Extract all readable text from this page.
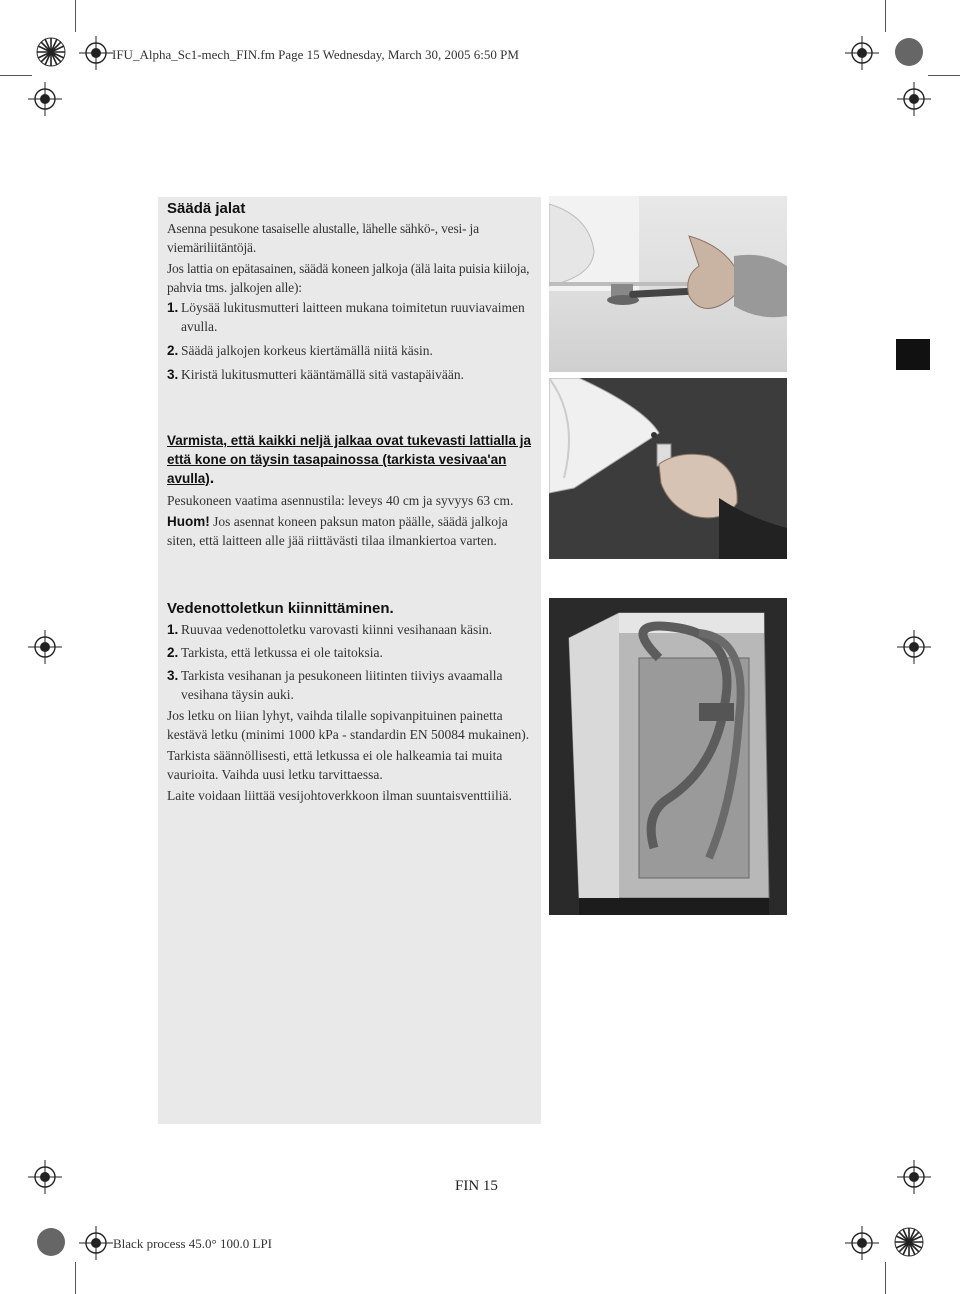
IFU_Alpha_Sc1-mech_FIN.fm Page 15 Wednesday, March 30, 2005 6:50 PM
Black process 45.0° 100.0 LPI
FIN 15
Säädä jalat
Asenna pesukone tasaiselle alustalle, lähelle sähkö-, vesi- ja viemäriliitäntöjä.
Jos lattia on epätasainen, säädä koneen jalkoja (älä laita puisia kiiloja, pahvia tms. jalkojen alle):
1. Löysää lukitusmutteri laitteen mukana toimitetun ruuviavaimen avulla.
2. Säädä jalkojen korkeus kiertämällä niitä käsin.
3. Kiristä lukitusmutteri kääntämällä sitä vastapäivään.
Varmista, että kaikki neljä jalkaa ovat tukevasti lattialla ja että kone on täysin tasapainossa (tarkista vesivaa'an avulla).
Pesukoneen vaatima asennustila: leveys 40 cm ja syvyys 63 cm.
Huom! Jos asennat koneen paksun maton päälle, säädä jalkoja siten, että laitteen alle jää riittävästi tilaa ilmankiertoa varten.
Vedenottoletkun kiinnittäminen.
1. Ruuvaa vedenottoletku varovasti kiinni vesihanaan käsin.
2. Tarkista, että letkussa ei ole taitoksia.
3. Tarkista vesihanan ja pesukoneen liitinten tiiviys avaamalla vesihana täysin auki.
Jos letku on liian lyhyt, vaihda tilalle sopivanpituinen painetta kestävä letku (minimi 1000 kPa - standardin EN 50084 mukainen).
Tarkista säännöllisesti, että letkussa ei ole halkeamia tai muita vaurioita. Vaihda uusi letku tarvittaessa.
Laite voidaan liittää vesijohtoverkkoon ilman suuntaisventtiiliä.
